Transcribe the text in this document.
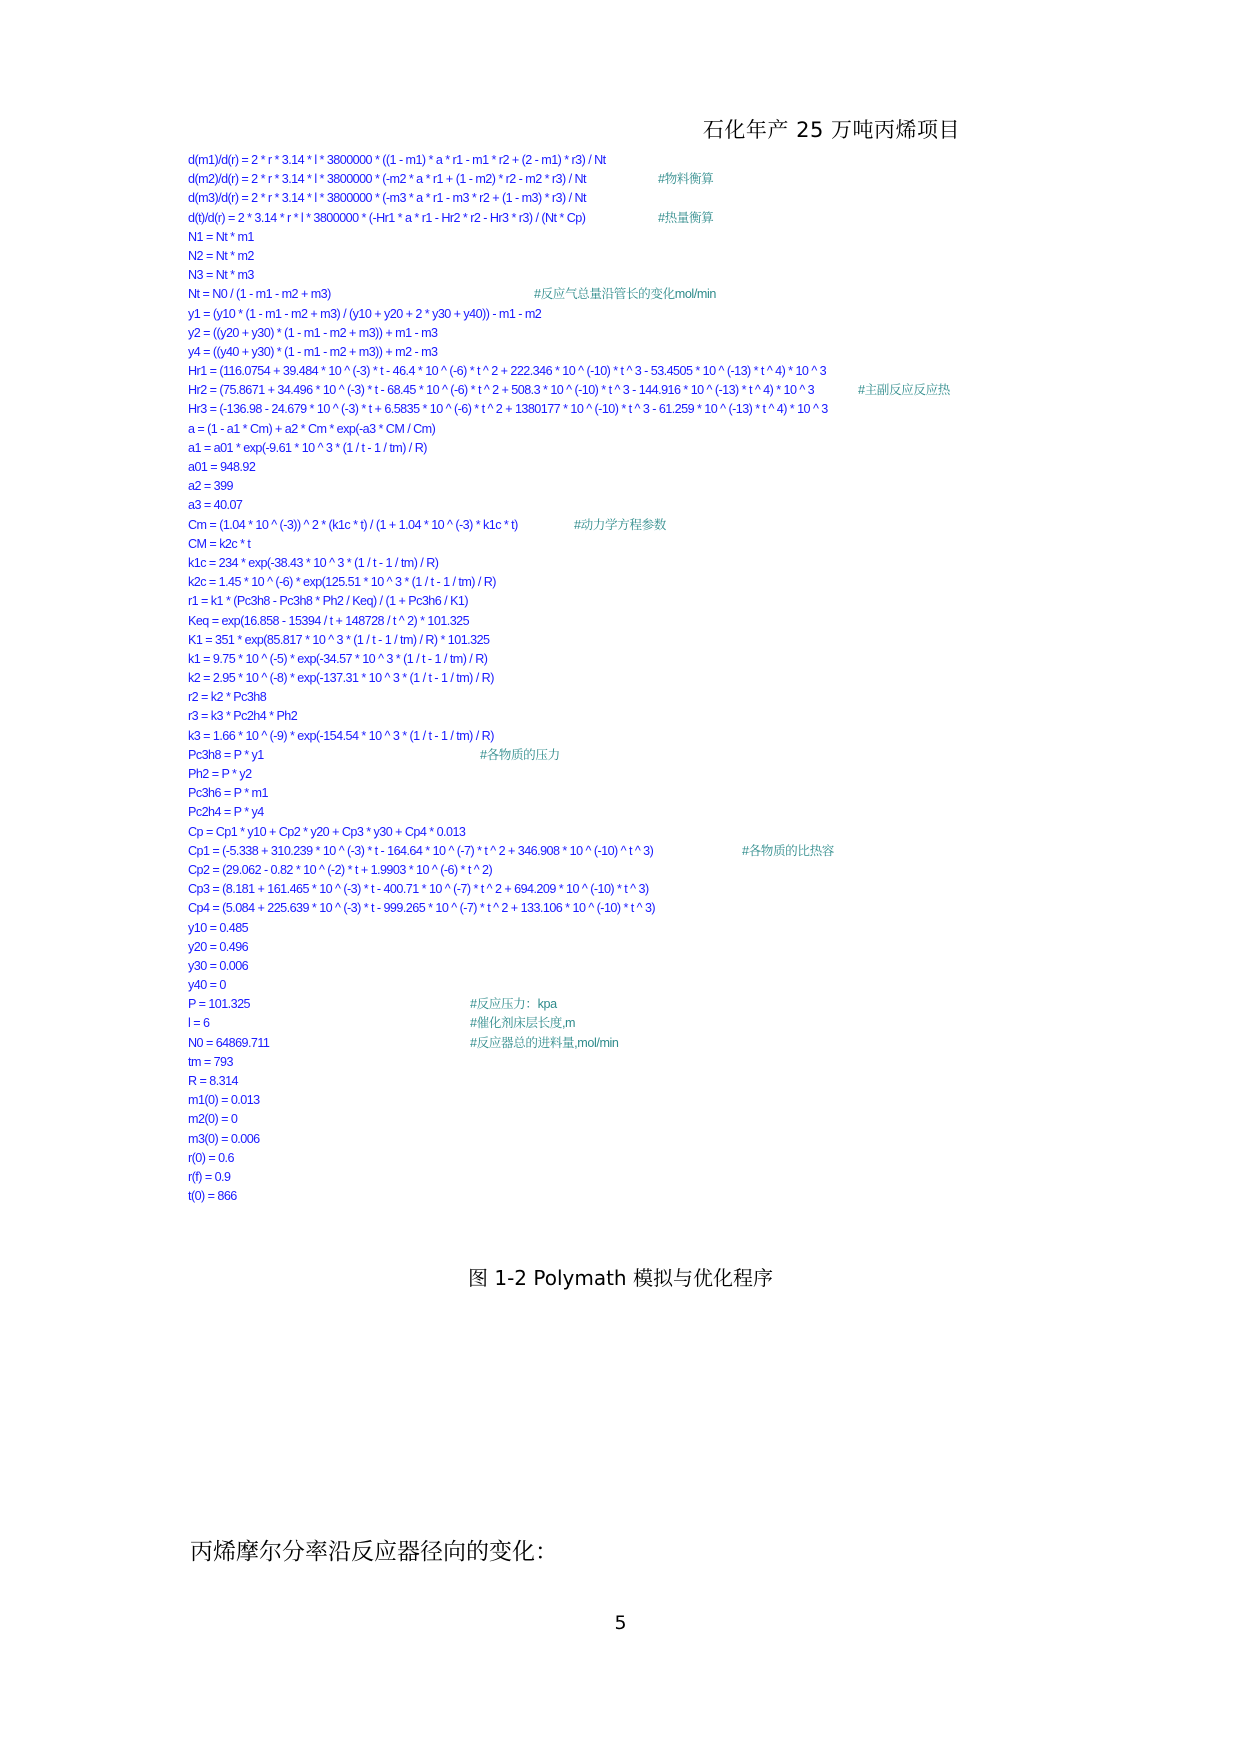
石化年产 25 万吨丙烯项目
d(m1)/d(r) = 2 * r * 3.14 * l * 3800000 * ((1 - m1) * a * r1 - m1 * r2 + (2 - m1) * r3) / Nt
d(m2)/d(r) = 2 * r * 3.14 * l * 3800000 * (-m2 * a * r1 + (1 - m2) * r2 - m2 * r3) / Nt	#物料衡算
d(m3)/d(r) = 2 * r * 3.14 * l * 3800000 * (-m3 * a * r1 - m3 * r2 + (1 - m3) * r3) / Nt
d(t)/d(r) = 2 * 3.14 * r * l * 3800000 * (-Hr1 * a * r1 - Hr2 * r2 - Hr3 * r3) / (Nt * Cp)	#热量衡算
N1 = Nt * m1
N2 = Nt * m2
N3 = Nt * m3
Nt = N0 / (1 - m1 - m2 + m3)	#反应气总量沿管长的变化mol/min
y1 = (y10 * (1 - m1 - m2 + m3) / (y10 + y20 + 2 * y30 + y40)) - m1 - m2
y2 = ((y20 + y30) * (1 - m1 - m2 + m3)) + m1 - m3
y4 = ((y40 + y30) * (1 - m1 - m2 + m3)) + m2 - m3
Hr1 = (116.0754 + 39.484 * 10 ^ (-3) * t - 46.4 * 10 ^ (-6) * t ^ 2 + 222.346 * 10 ^ (-10) * t ^ 3 - 53.4505 * 10 ^ (-13) * t ^ 4) * 10 ^ 3
Hr2 = (75.8671 + 34.496 * 10 ^ (-3) * t - 68.45 * 10 ^ (-6) * t ^ 2 + 508.3 * 10 ^ (-10) * t ^ 3 - 144.916 * 10 ^ (-13) * t ^ 4) * 10 ^ 3	#主副反应反应热
Hr3 = (-136.98 - 24.679 * 10 ^ (-3) * t + 6.5835 * 10 ^ (-6) * t ^ 2 + 1380177 * 10 ^ (-10) * t ^ 3 - 61.259 * 10 ^ (-13) * t ^ 4) * 10 ^ 3
a = (1 - a1 * Cm) + a2 * Cm * exp(-a3 * CM / Cm)
a1 = a01 * exp(-9.61 * 10 ^ 3 * (1 / t - 1 / tm) / R)
a01 = 948.92
a2 = 399
a3 = 40.07
Cm = (1.04 * 10 ^ (-3)) ^ 2 * (k1c * t) / (1 + 1.04 * 10 ^ (-3) * k1c * t)	#动力学方程参数
CM = k2c * t
k1c = 234 * exp(-38.43 * 10 ^ 3 * (1 / t - 1 / tm) / R)
k2c = 1.45 * 10 ^ (-6) * exp(125.51 * 10 ^ 3 * (1 / t - 1 / tm) / R)
r1 = k1 * (Pc3h8 - Pc3h8 * Ph2 / Keq) / (1 + Pc3h6 / K1)
Keq = exp(16.858 - 15394 / t + 148728 / t ^ 2) * 101.325
K1 = 351 * exp(85.817 * 10 ^ 3 * (1 / t - 1 / tm) / R) * 101.325
k1 = 9.75 * 10 ^ (-5) * exp(-34.57 * 10 ^ 3 * (1 / t - 1 / tm) / R)
k2 = 2.95 * 10 ^ (-8) * exp(-137.31 * 10 ^ 3 * (1 / t - 1 / tm) / R)
r2 = k2 * Pc3h8
r3 = k3 * Pc2h4 * Ph2
k3 = 1.66 * 10 ^ (-9) * exp(-154.54 * 10 ^ 3 * (1 / t - 1 / tm) / R)
Pc3h8 = P * y1	#各物质的压力
Ph2 = P * y2
Pc3h6 = P * m1
Pc2h4 = P * y4
Cp = Cp1 * y10 + Cp2 * y20 + Cp3 * y30 + Cp4 * 0.013
Cp1 = (-5.338 + 310.239 * 10 ^ (-3) * t - 164.64 * 10 ^ (-7) * t ^ 2 + 346.908 * 10 ^ (-10) ^ t ^ 3)	#各物质的比热容
Cp2 = (29.062 - 0.82 * 10 ^ (-2) * t + 1.9903 * 10 ^ (-6) * t ^ 2)
Cp3 = (8.181 + 161.465 * 10 ^ (-3) * t - 400.71 * 10 ^ (-7) * t ^ 2 + 694.209 * 10 ^ (-10) * t ^ 3)
Cp4 = (5.084 + 225.639 * 10 ^ (-3) * t - 999.265 * 10 ^ (-7) * t ^ 2 + 133.106 * 10 ^ (-10) * t ^ 3)
y10 = 0.485
y20 = 0.496
y30 = 0.006
y40 = 0
P = 101.325	#反应压力：kpa
l = 6	#催化剂床层长度,m
N0 = 64869.711	#反应器总的进料量,mol/min
tm = 793
R = 8.314
m1(0) = 0.013
m2(0) = 0
m3(0) = 0.006
r(0) = 0.6
r(f) = 0.9
t(0) = 866
图 1-2 Polymath 模拟与优化程序
丙烯摩尔分率沿反应器径向的变化：
5
